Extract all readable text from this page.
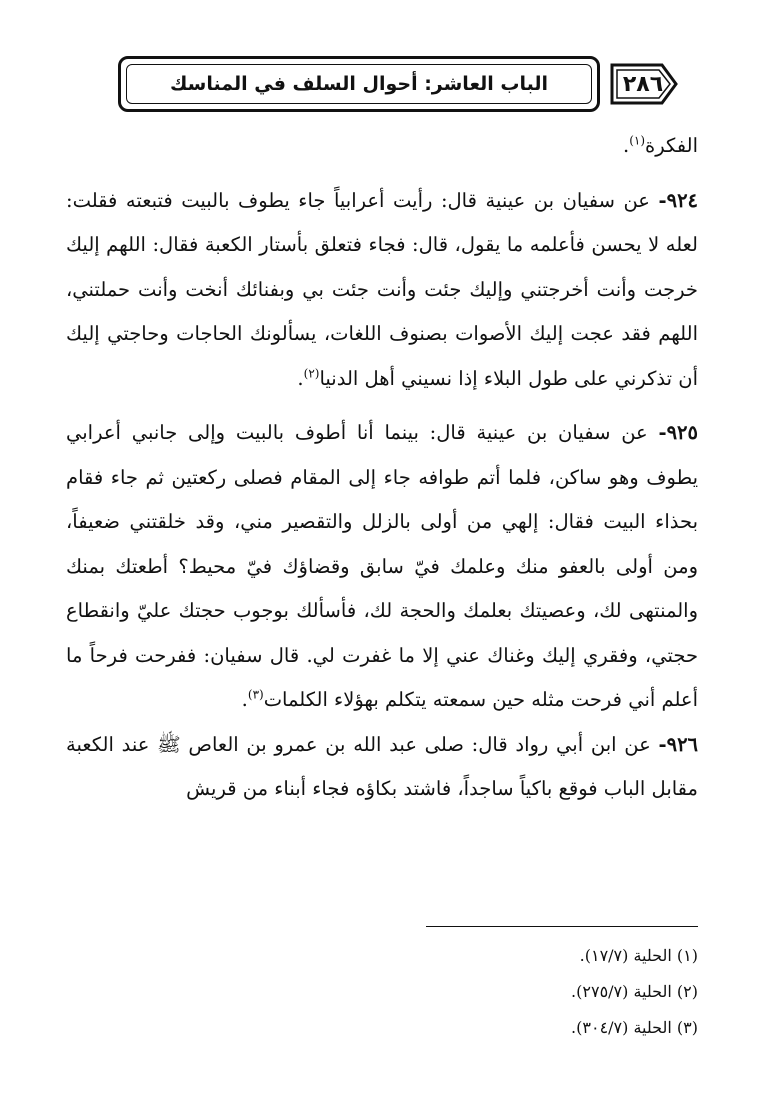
الباب العاشر: أحوال السلف في المناسك	٢٨٦

الفكرة$^{(١)}$.

٩٢٤- عن سفيان بن عينية قال: رأيت أعرابياً جاء يطوف بالبيت فتبعته فقلت: لعله لا يحسن فأعلمه ما يقول، قال: فجاء فتعلق بأستار الكعبة فقال: اللهم إليك خرجت وأنت أخرجتني وإليك جئت وأنت جئت بي وبفنائك أنخت وأنت حملتني، اللهم فقد عجت إليك الأصوات بصنوف اللغات، يسألونك الحاجات وحاجتي إليك أن تذكرني على طول البلاء إذا نسيني أهل الدنيا$^{(٢)}$.

٩٢٥- عن سفيان بن عينية قال: بينما أنا أطوف بالبيت وإلى جانبي أعرابي يطوف وهو ساكن، فلما أتم طوافه جاء إلى المقام فصلى ركعتين ثم جاء فقام بحذاء البيت فقال: إلهي من أولى بالزلل والتقصير مني، وقد خلقتني ضعيفاً، ومن أولى بالعفو منك وعلمك فيّ سابق وقضاؤك فيّ محيط؟ أطعتك بمنك والمنتهى لك، وعصيتك بعلمك والحجة لك، فأسألك بوجوب حجتك عليّ وانقطاع حجتي، وفقري إليك وغناك عني إلا ما غفرت لي. قال سفيان: ففرحت فرحاً ما أعلم أني فرحت مثله حين سمعته يتكلم بهؤلاء الكلمات$^{(٣)}$.

٩٢٦- عن ابن أبي رواد قال: صلى عبد الله بن عمرو بن العاص ﷺ عند الكعبة مقابل الباب فوقع باكياً ساجداً، فاشتد بكاؤه فجاء أبناء من قريش

(١) الحلية (١٧/٧).

(٢) الحلية (٢٧٥/٧).

(٣) الحلية (٣٠٤/٧).
